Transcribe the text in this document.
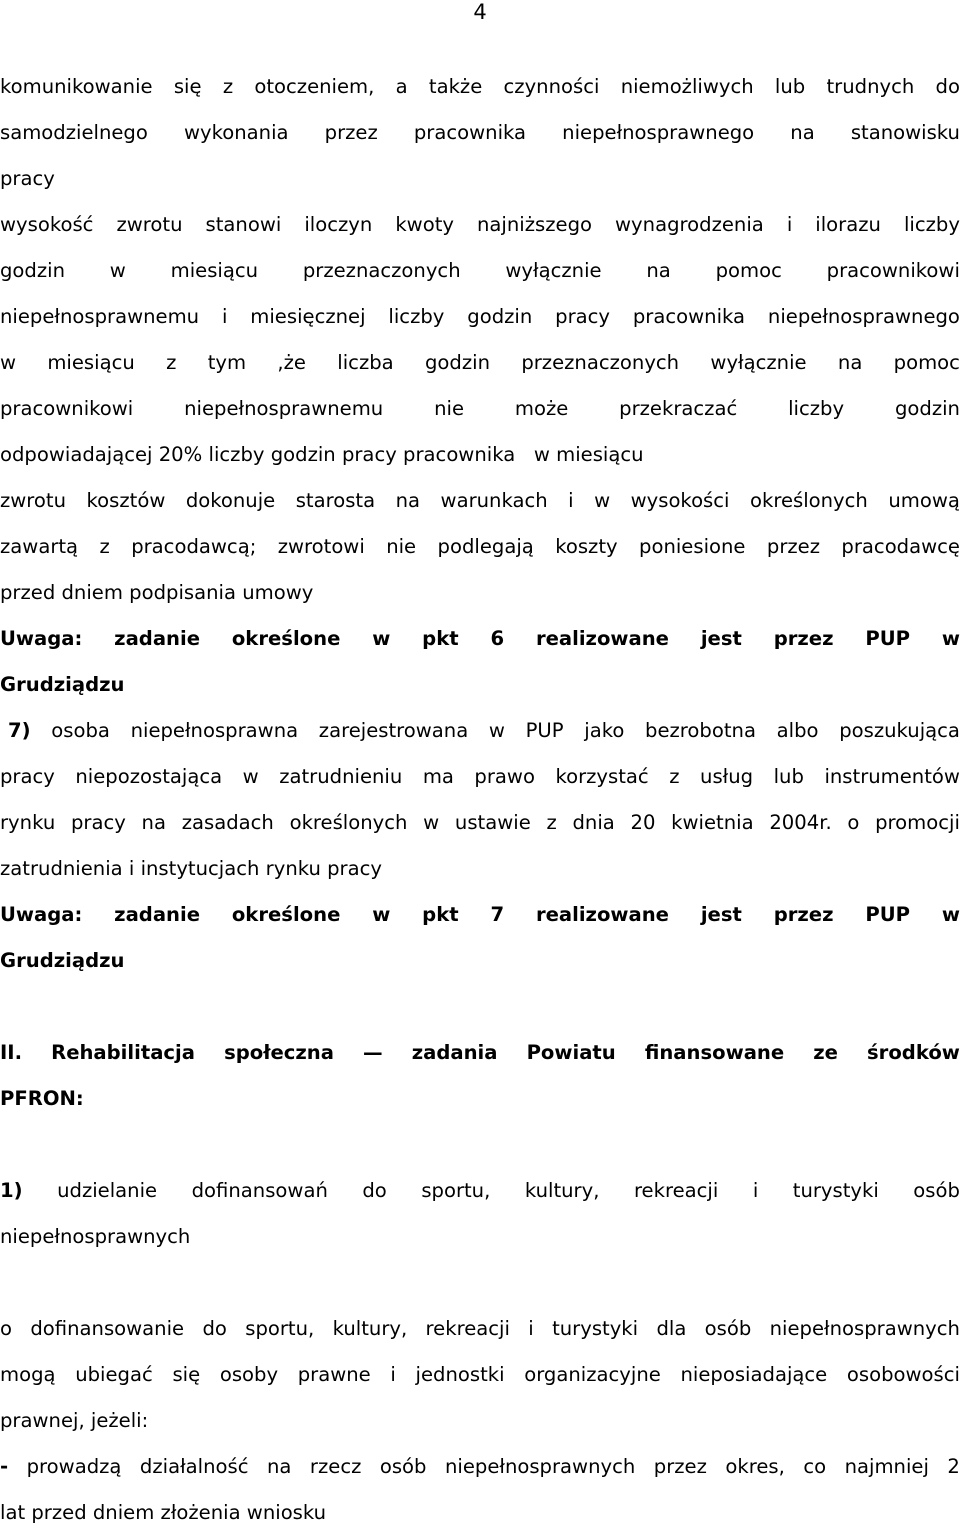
4
komunikowanie się z otoczeniem, a także czynności niemożliwych lub trudnych do
samodzielnego wykonania przez pracownika niepełnosprawnego na stanowisku
pracy
wysokość zwrotu stanowi iloczyn kwoty najniższego wynagrodzenia i ilorazu liczby
godzin w miesiącu przeznaczonych wyłącznie na pomoc pracownikowi
niepełnosprawnemu i miesięcznej liczby godzin pracy pracownika niepełnosprawnego
w miesiącu z tym ,że liczba godzin przeznaczonych wyłącznie na pomoc
pracownikowi	niepełnosprawnemu	nie	może	przekraczać	liczby	godzin
odpowiadającej 20% liczby godzin pracy pracownika   w miesiącu
zwrotu kosztów dokonuje starosta na warunkach i w wysokości określonych umową
zawartą z pracodawcą; zwrotowi nie podlegają koszty poniesione przez pracodawcę
przed dniem podpisania umowy
Uwaga: zadanie określone w pkt 6 realizowane jest przez PUP w
Grudziądzu
7) osoba niepełnosprawna zarejestrowana w PUP jako bezrobotna albo poszukująca
pracy niepozostająca w zatrudnieniu ma prawo korzystać z usług lub instrumentów
rynku pracy na zasadach określonych w ustawie z dnia 20 kwietnia 2004r. o promocji
zatrudnienia i instytucjach rynku pracy
Uwaga: zadanie określone w pkt 7 realizowane jest przez PUP w
Grudziądzu
II. Rehabilitacja społeczna — zadania Powiatu finansowane ze środków
PFRON:
1) udzielanie dofinansowań do sportu, kultury, rekreacji i turystyki osób
niepełnosprawnych
o dofinansowanie do sportu, kultury, rekreacji i turystyki dla osób niepełnosprawnych
mogą ubiegać się osoby prawne i jednostki organizacyjne nieposiadające osobowości
prawnej, jeżeli:
- prowadzą działalność na rzecz osób niepełnosprawnych przez okres, co najmniej 2
lat przed dniem złożenia wniosku
